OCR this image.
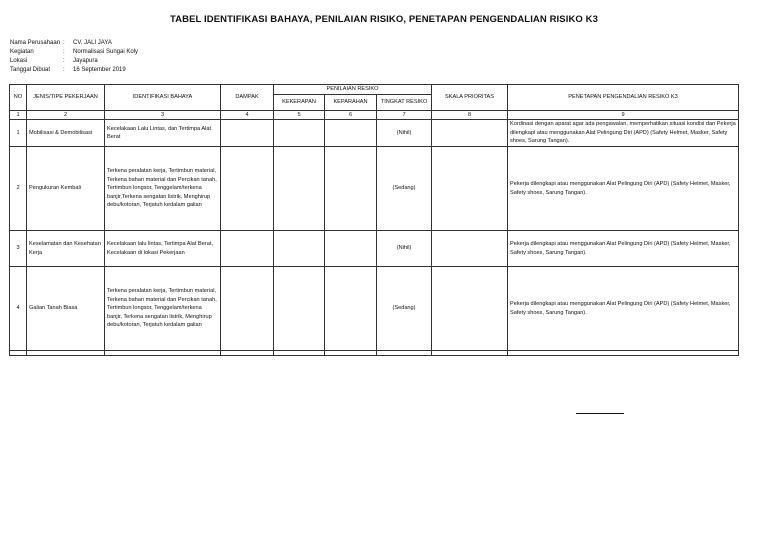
TABEL IDENTIFIKASI BAHAYA, PENILAIAN RISIKO, PENETAPAN PENGENDALIAN RISIKO K3
Nama Perusahaan :	CV. JALI JAYA
Kegiatan	:	Normalisasi Sungai Koly
Lokasi	:	Jayapura
Tanggal Dibuat	:	16 September 2019
NO	JENIS/TIPE PEKERJAAN	IDENTIFIKASI BAHAYA	DAMPAK	PENILAIAN RESIKO			SKALA PRIORITAS	PENETAPAN PENGENDALIAN RESIKO K3
				KEKERAPAN	KEPARAHAN	TINGKAT RESIKO		
1	2	3	4	5	6	7	8	9
1	Mobilisasi & Demobilisasi	Kecelakaan Lalu Lintas, dan Tertimpa Alat Berat				(Nihil)		Kordinasi dengan aparat agar ada pengawalan, memperhatikan situasi kondisi dan Pekerja dilengkapi atau menggunakan Alat Pelingung Diri (APD) (Safety Helmet, Masker, Safety shoes, Sarung Tangan).
2	Pengukuran Kembali	Terkena peralatan kerja, Tertimbun material, Terkena bahan material dan Percikan tanah, Tertimbun longsor, Tenggelam/terkena banjir,Terkena sengatan listrik, Menghirup debu/kotoran, Terjatuh kedalam galian				(Sedang)		Pekerja dilengkapi atau menggunakan Alat Pelingung Diri (APD) (Safety Helmet, Masker, Safety shoes, Sarung Tangan).
3	Keselamatan dan Kesehatan Kerja	Kecelakaan lalu lintas, Tertimpa Alat Berat, Kecelakaan di lokasi Pekerjaan				(Nihil)		Pekerja dilengkapi atau menggunakan Alat Pelingung Diri (APD) (Safety Helmet, Masker, Safety shoes, Sarung Tangan).
4	Galian Tanah Biasa	Terkena peralatan kerja, Tertimbun material, Terkena bahan material dan Percikan tanah, Tertimbun longsor, Tenggelam/terkena banjir, Terkena sengatan listrik, Menghirup debu/kotoran, Terjatuh kedalam galian				(Sedang)		Pekerja dilengkapi atau menggunakan Alat Pelingung Diri (APD) (Safety Helmet, Masker, Safety shoes, Sarung Tangan).
